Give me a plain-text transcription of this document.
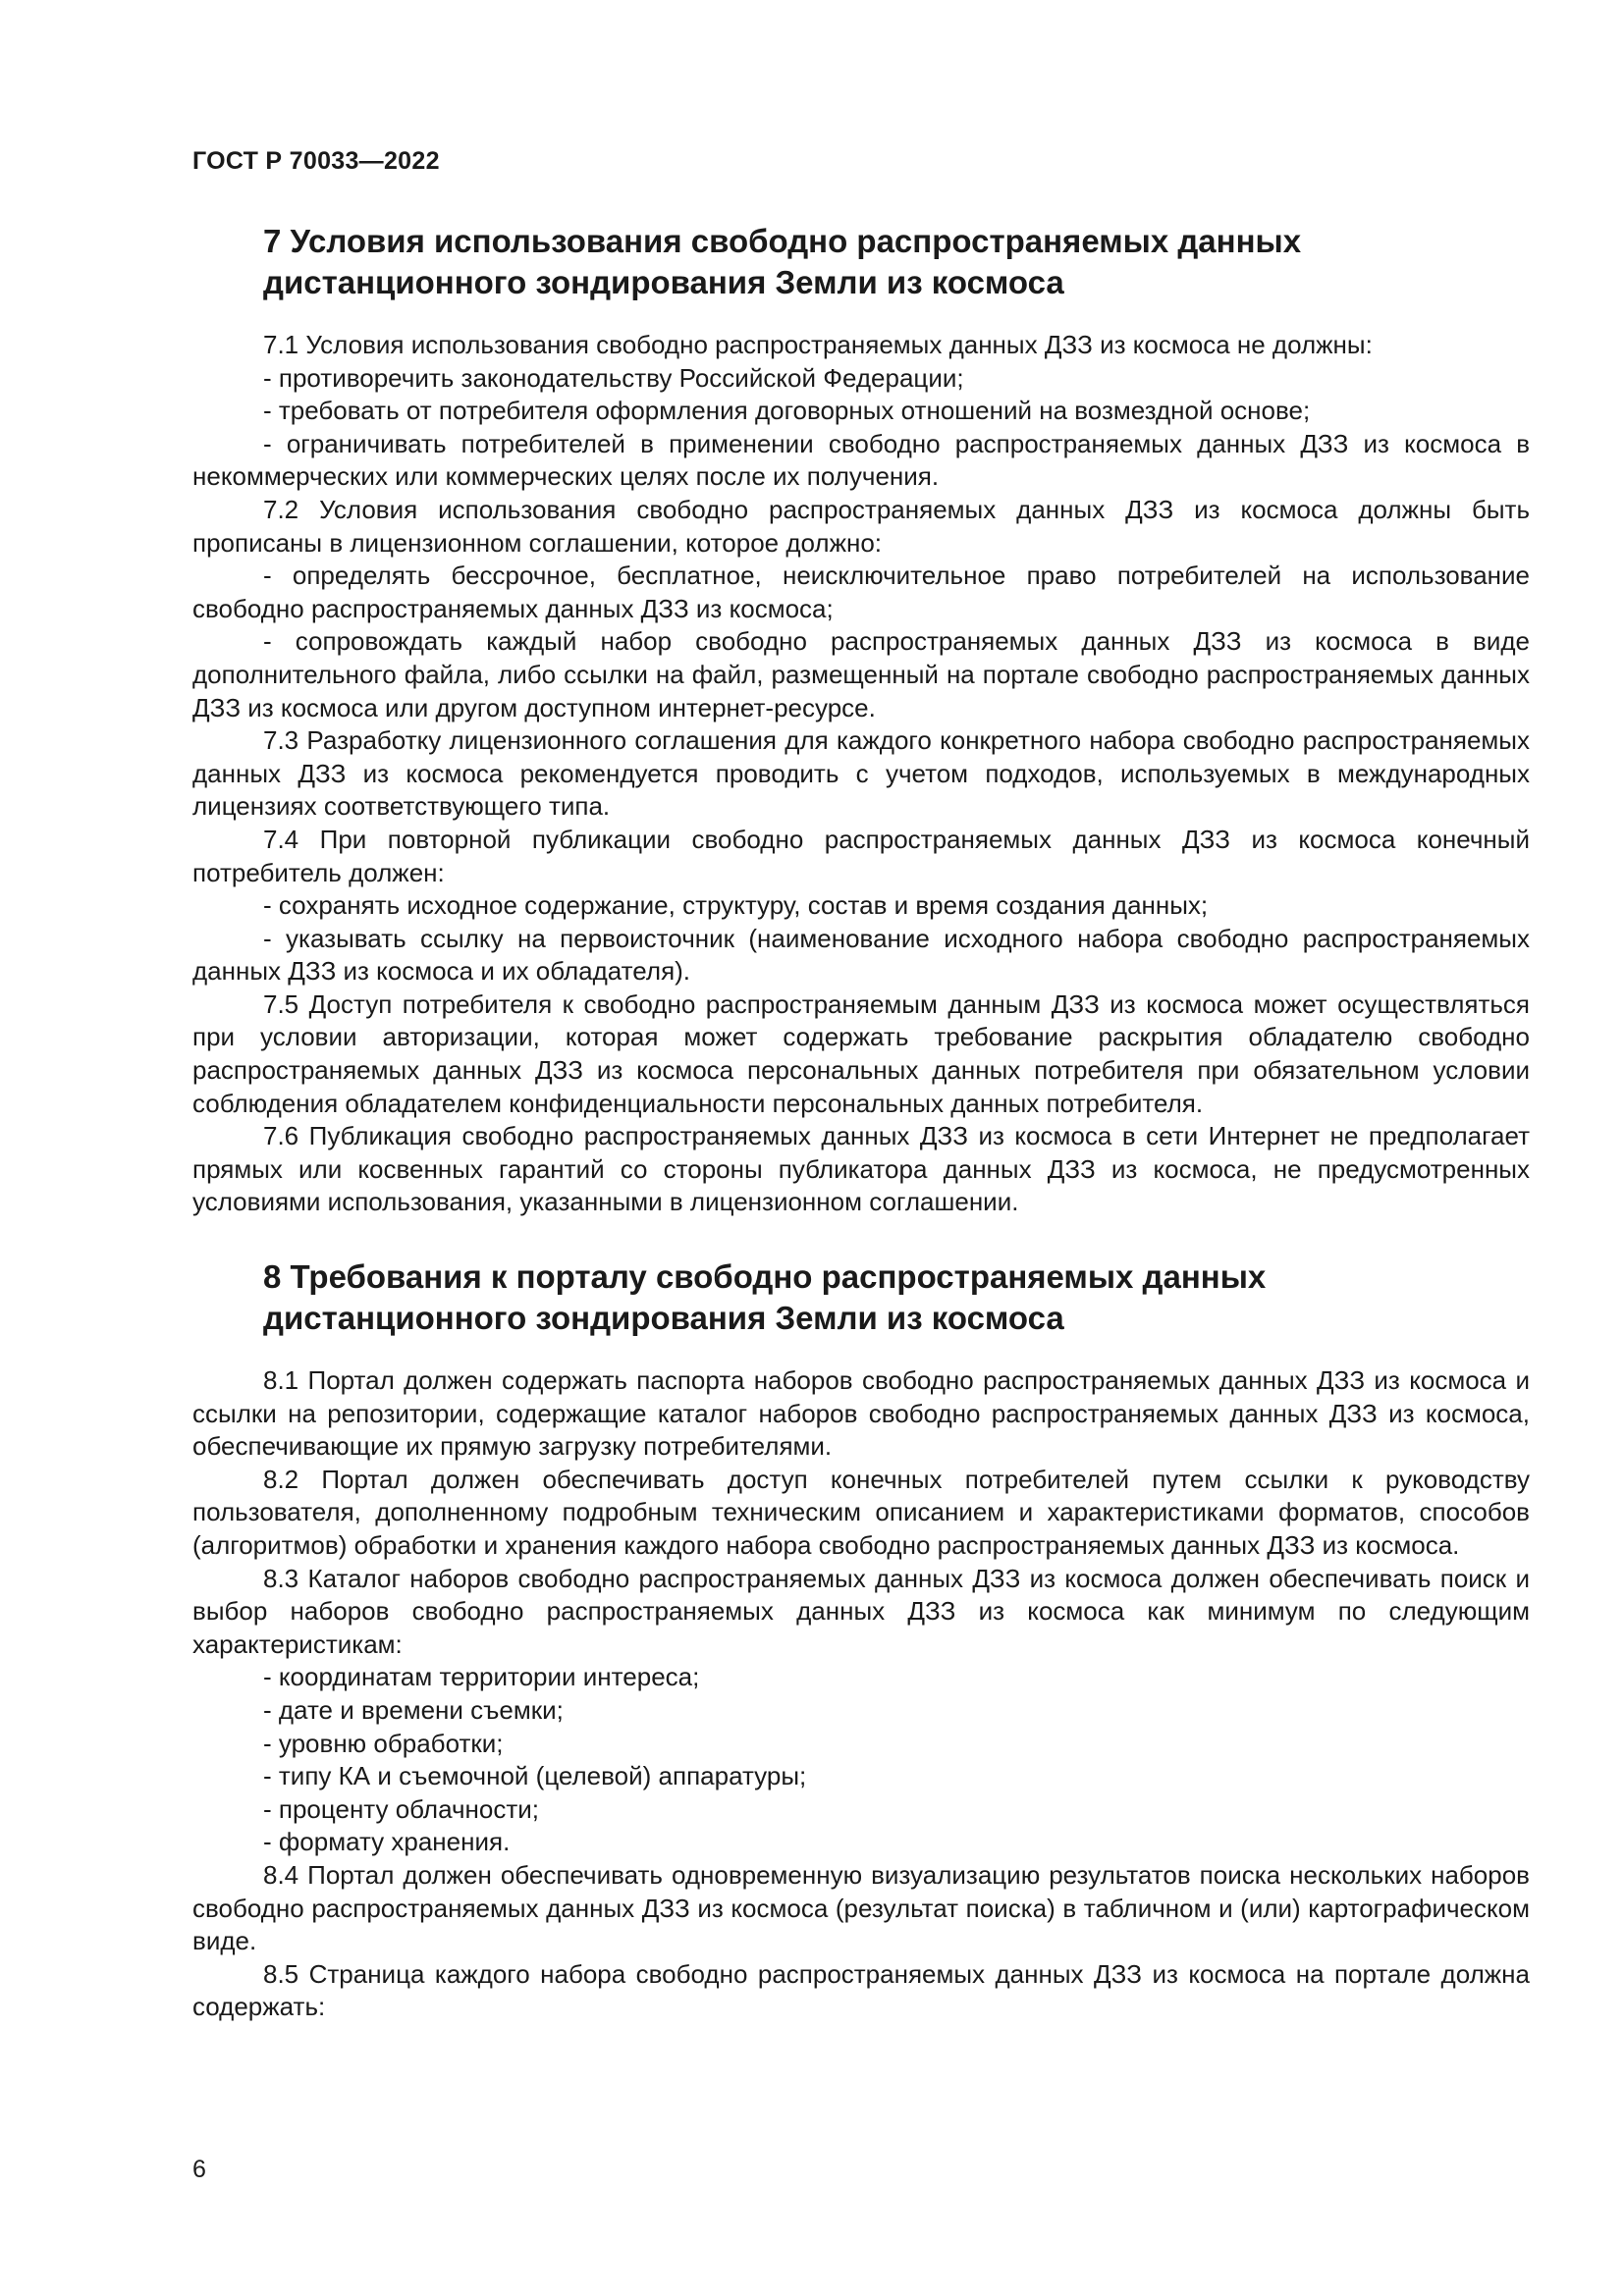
ГОСТ Р 70033—2022
7 Условия использования свободно распространяемых данных
дистанционного зондирования Земли из космоса

7.1 Условия использования свободно распространяемых данных ДЗЗ из космоса не должны:

- противоречить законодательству Российской Федерации;

- требовать от потребителя оформления договорных отношений на возмездной основе;

- ограничивать потребителей в применении свободно распространяемых данных ДЗЗ из космоса в некоммерческих или коммерческих целях после их получения.

7.2 Условия использования свободно распространяемых данных ДЗЗ из космоса должны быть прописаны в лицензионном соглашении, которое должно:

- определять бессрочное, бесплатное, неисключительное право потребителей на использование свободно распространяемых данных ДЗЗ из космоса;

- сопровождать каждый набор свободно распространяемых данных ДЗЗ из космоса в виде дополнительного файла, либо ссылки на файл, размещенный на портале свободно распространяемых данных ДЗЗ из космоса или другом доступном интернет-ресурсе.

7.3 Разработку лицензионного соглашения для каждого конкретного набора свободно распространяемых данных ДЗЗ из космоса рекомендуется проводить с учетом подходов, используемых в международных лицензиях соответствующего типа.

7.4 При повторной публикации свободно распространяемых данных ДЗЗ из космоса конечный потребитель должен:

- сохранять исходное содержание, структуру, состав и время создания данных;

- указывать ссылку на первоисточник (наименование исходного набора свободно распространяемых данных ДЗЗ из космоса и их обладателя).

7.5 Доступ потребителя к свободно распространяемым данным ДЗЗ из космоса может осуществляться при условии авторизации, которая может содержать требование раскрытия обладателю свободно распространяемых данных ДЗЗ из космоса персональных данных потребителя при обязательном условии соблюдения обладателем конфиденциальности персональных данных потребителя.

7.6 Публикация свободно распространяемых данных ДЗЗ из космоса в сети Интернет не предполагает прямых или косвенных гарантий со стороны публикатора данных ДЗЗ из космоса, не предусмотренных условиями использования, указанными в лицензионном соглашении.

8 Требования к порталу свободно распространяемых данных
дистанционного зондирования Земли из космоса

8.1 Портал должен содержать паспорта наборов свободно распространяемых данных ДЗЗ из космоса и ссылки на репозитории, содержащие каталог наборов свободно распространяемых данных ДЗЗ из космоса, обеспечивающие их прямую загрузку потребителями.

8.2 Портал должен обеспечивать доступ конечных потребителей путем ссылки к руководству пользователя, дополненному подробным техническим описанием и характеристиками форматов, способов (алгоритмов) обработки и хранения каждого набора свободно распространяемых данных ДЗЗ из космоса.

8.3 Каталог наборов свободно распространяемых данных ДЗЗ из космоса должен обеспечивать поиск и выбор наборов свободно распространяемых данных ДЗЗ из космоса как минимум по следующим характеристикам:

- координатам территории интереса;

- дате и времени съемки;

- уровню обработки;

- типу КА и съемочной (целевой) аппаратуры;

- проценту облачности;

- формату хранения.

8.4 Портал должен обеспечивать одновременную визуализацию результатов поиска нескольких наборов свободно распространяемых данных ДЗЗ из космоса (результат поиска) в табличном и (или) картографическом виде.

8.5 Страница каждого набора свободно распространяемых данных ДЗЗ из космоса на портале должна содержать:

6
